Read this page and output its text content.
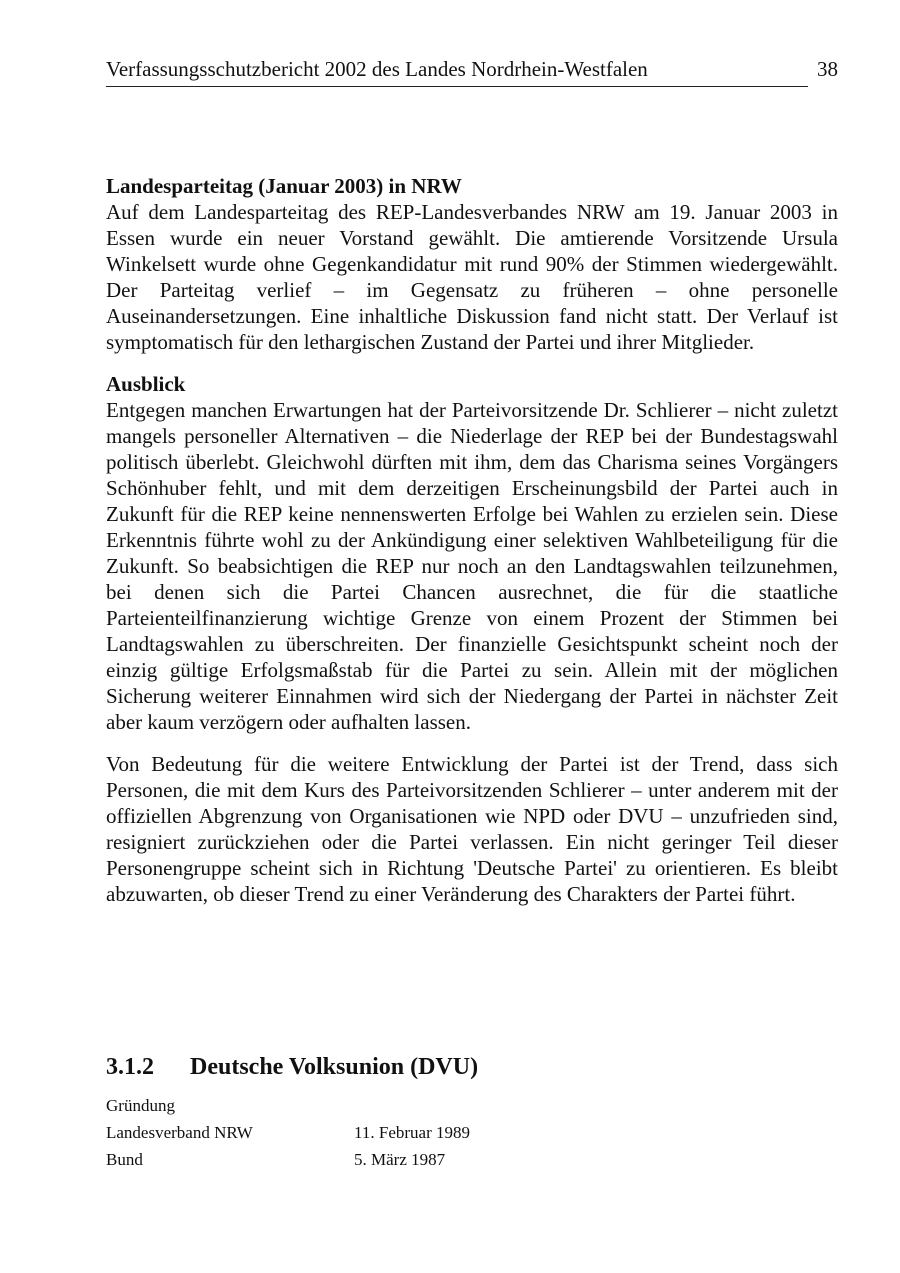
Verfassungsschutzbericht 2002 des Landes Nordrhein-Westfalen	38
Landesparteitag (Januar 2003) in NRW

Auf dem Landesparteitag des REP-Landesverbandes NRW am 19. Januar 2003 in Essen wurde ein neuer Vorstand gewählt. Die amtierende Vorsitzende Ursula Winkelsett wurde ohne Gegenkandidatur mit rund 90% der Stimmen wiedergewählt. Der Parteitag verlief – im Gegensatz zu früheren – ohne personelle Auseinandersetzungen. Eine inhaltliche Diskussion fand nicht statt. Der Verlauf ist symptomatisch für den lethargischen Zustand der Partei und ihrer Mitglieder.

Ausblick

Entgegen manchen Erwartungen hat der Parteivorsitzende Dr. Schlierer – nicht zuletzt mangels personeller Alternativen – die Niederlage der REP bei der Bundestagswahl politisch überlebt. Gleichwohl dürften mit ihm, dem das Charisma seines Vorgängers Schönhuber fehlt, und mit dem derzeitigen Erscheinungsbild der Partei auch in Zukunft für die REP keine nennenswerten Erfolge bei Wahlen zu erzielen sein. Diese Erkenntnis führte wohl zu der Ankündigung einer selektiven Wahlbeteiligung für die Zukunft. So beabsichtigen die REP nur noch an den Landtagswahlen teilzunehmen, bei denen sich die Partei Chancen ausrechnet, die für die staatliche Parteienteilfinanzierung wichtige Grenze von einem Prozent der Stimmen bei Landtagswahlen zu überschreiten. Der finanzielle Gesichtspunkt scheint noch der einzig gültige Erfolgsmaßstab für die Partei zu sein. Allein mit der möglichen Sicherung weiterer Einnahmen wird sich der Niedergang der Partei in nächster Zeit aber kaum verzögern oder aufhalten lassen.

Von Bedeutung für die weitere Entwicklung der Partei ist der Trend, dass sich Personen, die mit dem Kurs des Parteivorsitzenden Schlierer – unter anderem mit der offiziellen Abgrenzung von Organisationen wie NPD oder DVU – unzufrieden sind, resigniert zurückziehen oder die Partei verlassen. Ein nicht geringer Teil dieser Personengruppe scheint sich in Richtung 'Deutsche Partei' zu orientieren. Es bleibt abzuwarten, ob dieser Trend zu einer Veränderung des Charakters der Partei führt.

3.1.2 Deutsche Volksunion (DVU)
Gründung
Landesverband NRW	11. Februar 1989
Bund	5. März 1987
